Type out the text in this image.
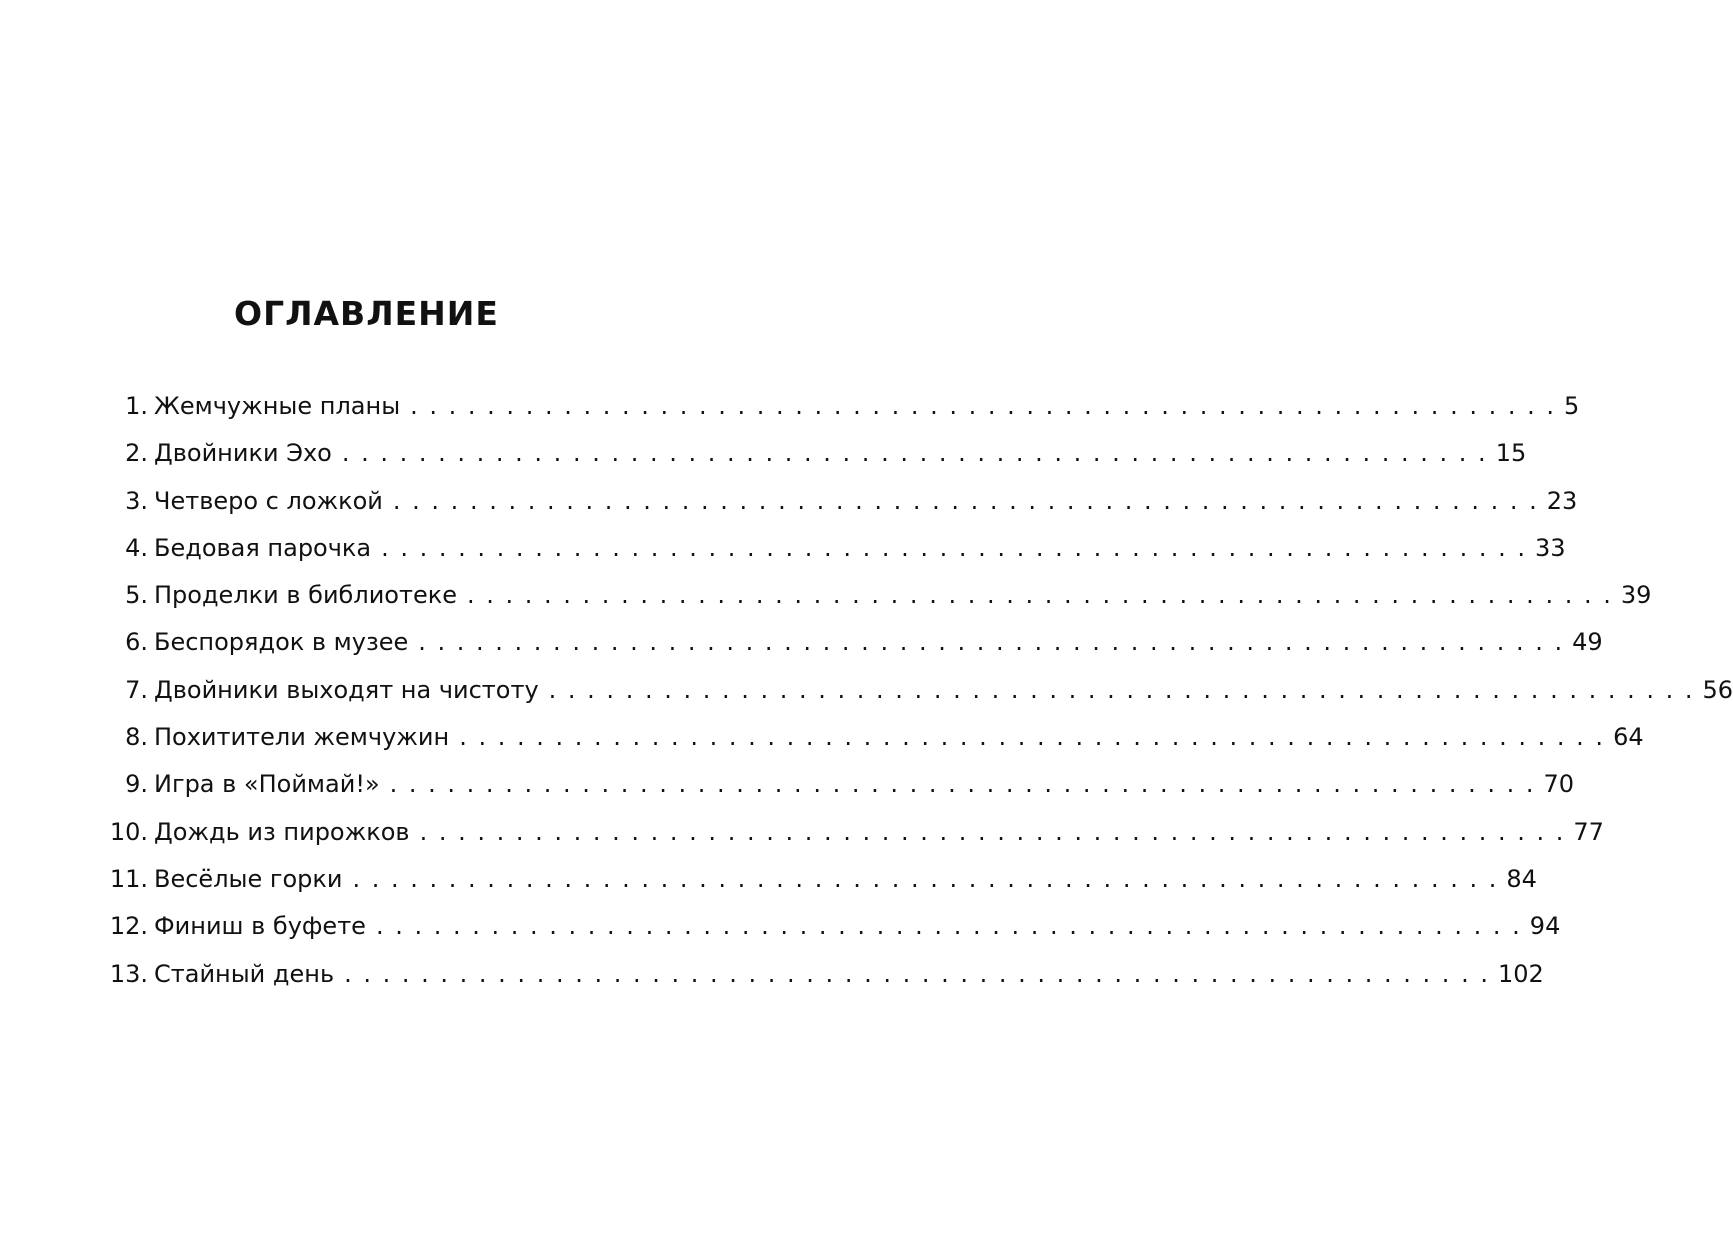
ОГЛАВЛЕНИЕ
1. Жемчужные планы . . . . . . . . . . . . . . . . . . . . . . . . . . . . . . . . . . . . . . . . . . . . . . . . . . . . . . . . . . . . 5
2. Двойники Эхо . . . . . . . . . . . . . . . . . . . . . . . . . . . . . . . . . . . . . . . . . . . . . . . . . . . . . . . . . . . . 15
3. Четверо с ложкой . . . . . . . . . . . . . . . . . . . . . . . . . . . . . . . . . . . . . . . . . . . . . . . . . . . . . . . . . . . . 23
4. Бедовая парочка . . . . . . . . . . . . . . . . . . . . . . . . . . . . . . . . . . . . . . . . . . . . . . . . . . . . . . . . . . . . 33
5. Проделки в библиотеке . . . . . . . . . . . . . . . . . . . . . . . . . . . . . . . . . . . . . . . . . . . . . . . . . . . . . . . . . . . . 39
6. Беспорядок в музее . . . . . . . . . . . . . . . . . . . . . . . . . . . . . . . . . . . . . . . . . . . . . . . . . . . . . . . . . . . . 49
7. Двойники выходят на чистоту . . . . . . . . . . . . . . . . . . . . . . . . . . . . . . . . . . . . . . . . . . . . . . . . . . . . . . . . . . . . 56
8. Похитители жемчужин . . . . . . . . . . . . . . . . . . . . . . . . . . . . . . . . . . . . . . . . . . . . . . . . . . . . . . . . . . . . 64
9. Игра в «Поймай!» . . . . . . . . . . . . . . . . . . . . . . . . . . . . . . . . . . . . . . . . . . . . . . . . . . . . . . . . . . . . 70
10. Дождь из пирожков . . . . . . . . . . . . . . . . . . . . . . . . . . . . . . . . . . . . . . . . . . . . . . . . . . . . . . . . . . . . 77
11. Весёлые горки . . . . . . . . . . . . . . . . . . . . . . . . . . . . . . . . . . . . . . . . . . . . . . . . . . . . . . . . . . . . 84
12. Финиш в буфете . . . . . . . . . . . . . . . . . . . . . . . . . . . . . . . . . . . . . . . . . . . . . . . . . . . . . . . . . . . . 94
13. Стайный день . . . . . . . . . . . . . . . . . . . . . . . . . . . . . . . . . . . . . . . . . . . . . . . . . . . . . . . . . . . . 102
